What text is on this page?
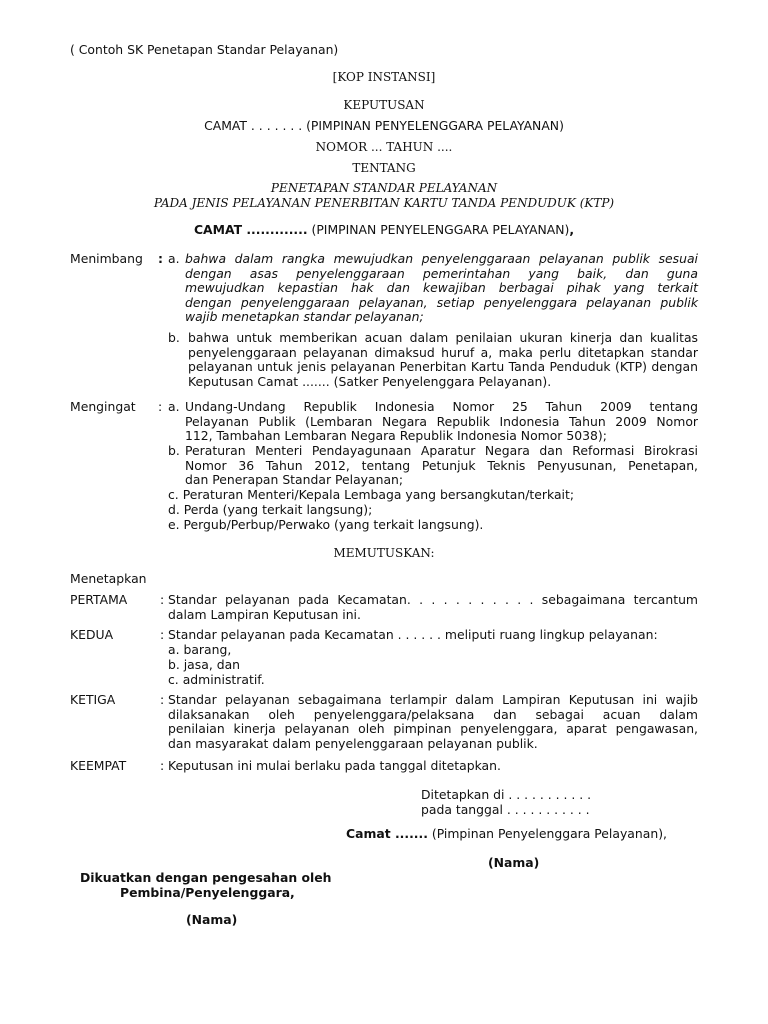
( Contoh SK Penetapan Standar Pelayanan)
[KOP INSTANSI]
KEPUTUSAN
CAMAT . . . . . . . (PIMPINAN PENYELENGGARA PELAYANAN)
NOMOR ... TAHUN ....
TENTANG
PENETAPAN STANDAR PELAYANAN
PADA JENIS PELAYANAN PENERBITAN KARTU TANDA PENDUDUK (KTP)
CAMAT ............. (PIMPINAN PENYELENGGARA PELAYANAN),
Menimbang : a. bahwa dalam rangka mewujudkan penyelenggaraan pelayanan publik sesuai
dengan asas penyelenggaraan pemerintahan yang baik, dan guna
mewujudkan kepastian hak dan kewajiban berbagai pihak yang terkait
dengan penyelenggaraan pelayanan, setiap penyelenggara pelayanan publik
wajib menetapkan standar pelayanan;
b. bahwa untuk memberikan acuan dalam penilaian ukuran kinerja dan kualitas
penyelenggaraan pelayanan dimaksud huruf a, maka perlu ditetapkan standar
pelayanan untuk jenis pelayanan Penerbitan Kartu Tanda Penduduk (KTP) dengan
Keputusan Camat ....... (Satker Penyelenggara Pelayanan).
Mengingat : a. Undang-Undang Republik Indonesia Nomor 25 Tahun 2009 tentang
Pelayanan Publik (Lembaran Negara Republik Indonesia Tahun 2009 Nomor
112, Tambahan Lembaran Negara Republik Indonesia Nomor 5038);
b. Peraturan Menteri Pendayagunaan Aparatur Negara dan Reformasi Birokrasi
Nomor 36 Tahun 2012, tentang Petunjuk Teknis Penyusunan, Penetapan,
dan Penerapan Standar Pelayanan;
c. Peraturan Menteri/Kepala Lembaga yang bersangkutan/terkait;
d. Perda (yang terkait langsung);
e. Pergub/Perbup/Perwako (yang terkait langsung).
MEMUTUSKAN:
Menetapkan
PERTAMA	: Standar pelayanan pada Kecamatan. . . . . . . . . . . sebagaimana tercantum
dalam Lampiran Keputusan ini.
KEDUA	: Standar pelayanan pada Kecamatan . . . . . . meliputi ruang lingkup pelayanan:
a. barang,
b. jasa, dan
c. administratif.
KETIGA	: Standar pelayanan sebagaimana terlampir dalam Lampiran Keputusan ini wajib
dilaksanakan oleh penyelenggara/pelaksana dan sebagai acuan dalam
penilaian kinerja pelayanan oleh pimpinan penyelenggara, aparat pengawasan,
dan masyarakat dalam penyelenggaraan pelayanan publik.
KEEMPAT	: Keputusan ini mulai berlaku pada tanggal ditetapkan.
Ditetapkan di . . . . . . . . . . .
pada tanggal . . . . . . . . . . .
Camat ....... (Pimpinan Penyelenggara Pelayanan),
(Nama)
Dikuatkan dengan pengesahan oleh
Pembina/Penyelenggara,
(Nama)
